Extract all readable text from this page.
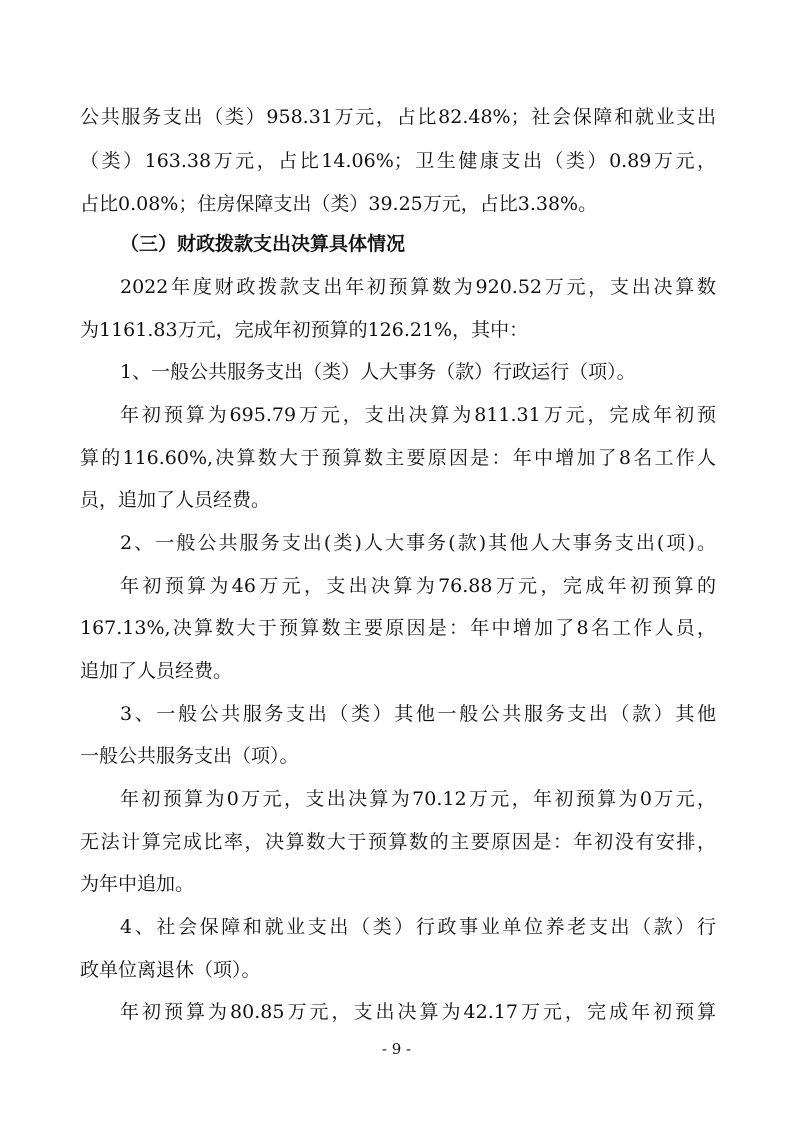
公共服务支出（类）958.31万元，占比82.48%；社会保障和就业支出
（类）163.38万元，占比14.06%；卫生健康支出（类）0.89万元，
占比0.08%；住房保障支出（类）39.25万元，占比3.38%。
（三）财政拨款支出决算具体情况
2022年度财政拨款支出年初预算数为920.52万元，支出决算数
为1161.83万元，完成年初预算的126.21%，其中：
1、一般公共服务支出（类）人大事务（款）行政运行（项）。
年初预算为695.79万元，支出决算为811.31万元，完成年初预
算的116.60%,决算数大于预算数主要原因是：年中增加了8名工作人
员，追加了人员经费。
2、一般公共服务支出(类)人大事务(款)其他人大事务支出(项)。
年初预算为46万元，支出决算为76.88万元，完成年初预算的
167.13%,决算数大于预算数主要原因是：年中增加了8名工作人员，
追加了人员经费。
3、一般公共服务支出（类）其他一般公共服务支出（款）其他
一般公共服务支出（项）。
年初预算为0万元，支出决算为70.12万元，年初预算为0万元，
无法计算完成比率，决算数大于预算数的主要原因是：年初没有安排，
为年中追加。
4、社会保障和就业支出（类）行政事业单位养老支出（款）行
政单位离退休（项）。
年初预算为80.85万元，支出决算为42.17万元，完成年初预算
- 9 -
